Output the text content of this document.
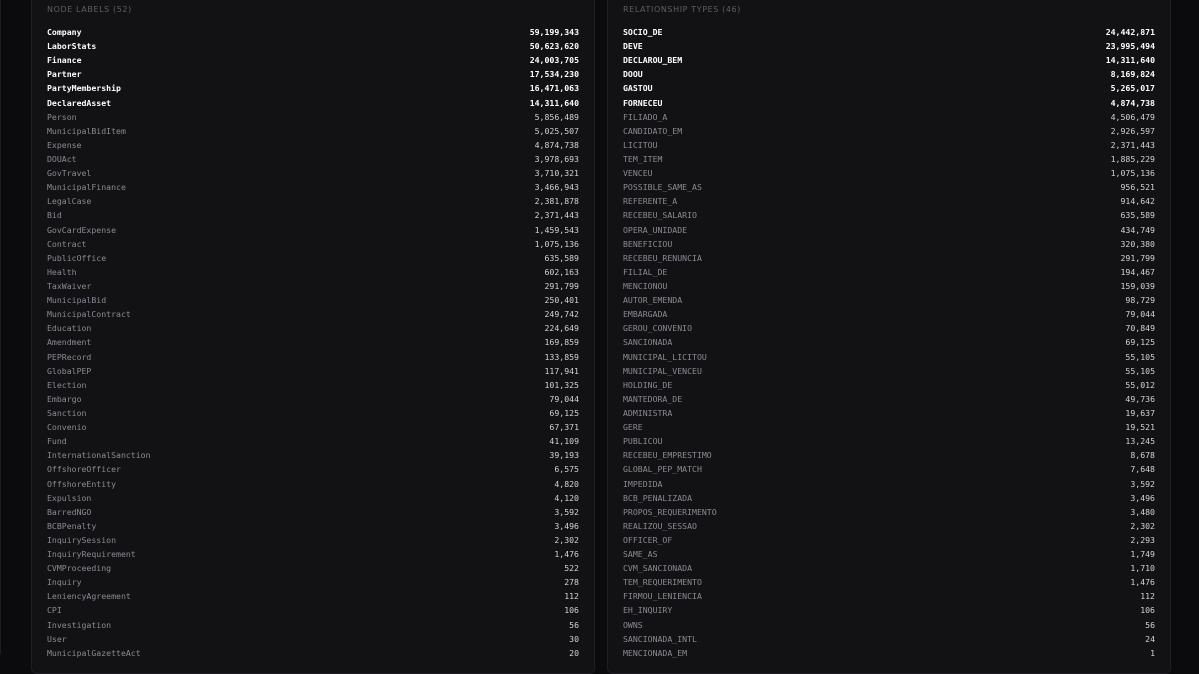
NODE LABELS (52)
Company	59,199,343
LaborStats	50,623,620
Finance	24,003,705
Partner	17,534,230
PartyMembership	16,471,063
DeclaredAsset	14,311,640
Person	5,856,489
MunicipalBidItem	5,025,507
Expense	4,874,738
DOUAct	3,978,693
GovTravel	3,710,321
MunicipalFinance	3,466,943
LegalCase	2,381,878
Bid	2,371,443
GovCardExpense	1,459,543
Contract	1,075,136
PublicOffice	635,589
Health	602,163
TaxWaiver	291,799
MunicipalBid	250,401
MunicipalContract	249,742
Education	224,649
Amendment	169,859
PEPRecord	133,859
GlobalPEP	117,941
Election	101,325
Embargo	79,044
Sanction	69,125
Convenio	67,371
Fund	41,109
InternationalSanction	39,193
OffshoreOfficer	6,575
OffshoreEntity	4,820
Expulsion	4,120
BarredNGO	3,592
BCBPenalty	3,496
InquirySession	2,302
InquiryRequirement	1,476
CVMProceeding	522
Inquiry	278
LeniencyAgreement	112
CPI	106
Investigation	56
User	30
MunicipalGazetteAct	20
RELATIONSHIP TYPES (46)
SOCIO_DE	24,442,871
DEVE	23,995,494
DECLAROU_BEM	14,311,640
DOOU	8,169,824
GASTOU	5,265,017
FORNECEU	4,874,738
FILIADO_A	4,506,479
CANDIDATO_EM	2,926,597
LICITOU	2,371,443
TEM_ITEM	1,885,229
VENCEU	1,075,136
POSSIBLE_SAME_AS	956,521
REFERENTE_A	914,642
RECEBEU_SALARIO	635,589
OPERA_UNIDADE	434,749
BENEFICIOU	320,380
RECEBEU_RENUNCIA	291,799
FILIAL_DE	194,467
MENCIONOU	159,039
AUTOR_EMENDA	98,729
EMBARGADA	79,044
GEROU_CONVENIO	70,849
SANCIONADA	69,125
MUNICIPAL_LICITOU	55,105
MUNICIPAL_VENCEU	55,105
HOLDING_DE	55,012
MANTEDORA_DE	49,736
ADMINISTRA	19,637
GERE	19,521
PUBLICOU	13,245
RECEBEU_EMPRESTIMO	8,678
GLOBAL_PEP_MATCH	7,648
IMPEDIDA	3,592
BCB_PENALIZADA	3,496
PROPOS_REQUERIMENTO	3,480
REALIZOU_SESSAO	2,302
OFFICER_OF	2,293
SAME_AS	1,749
CVM_SANCIONADA	1,710
TEM_REQUERIMENTO	1,476
FIRMOU_LENIENCIA	112
EH_INQUIRY	106
OWNS	56
SANCIONADA_INTL	24
MENCIONADA_EM	1
